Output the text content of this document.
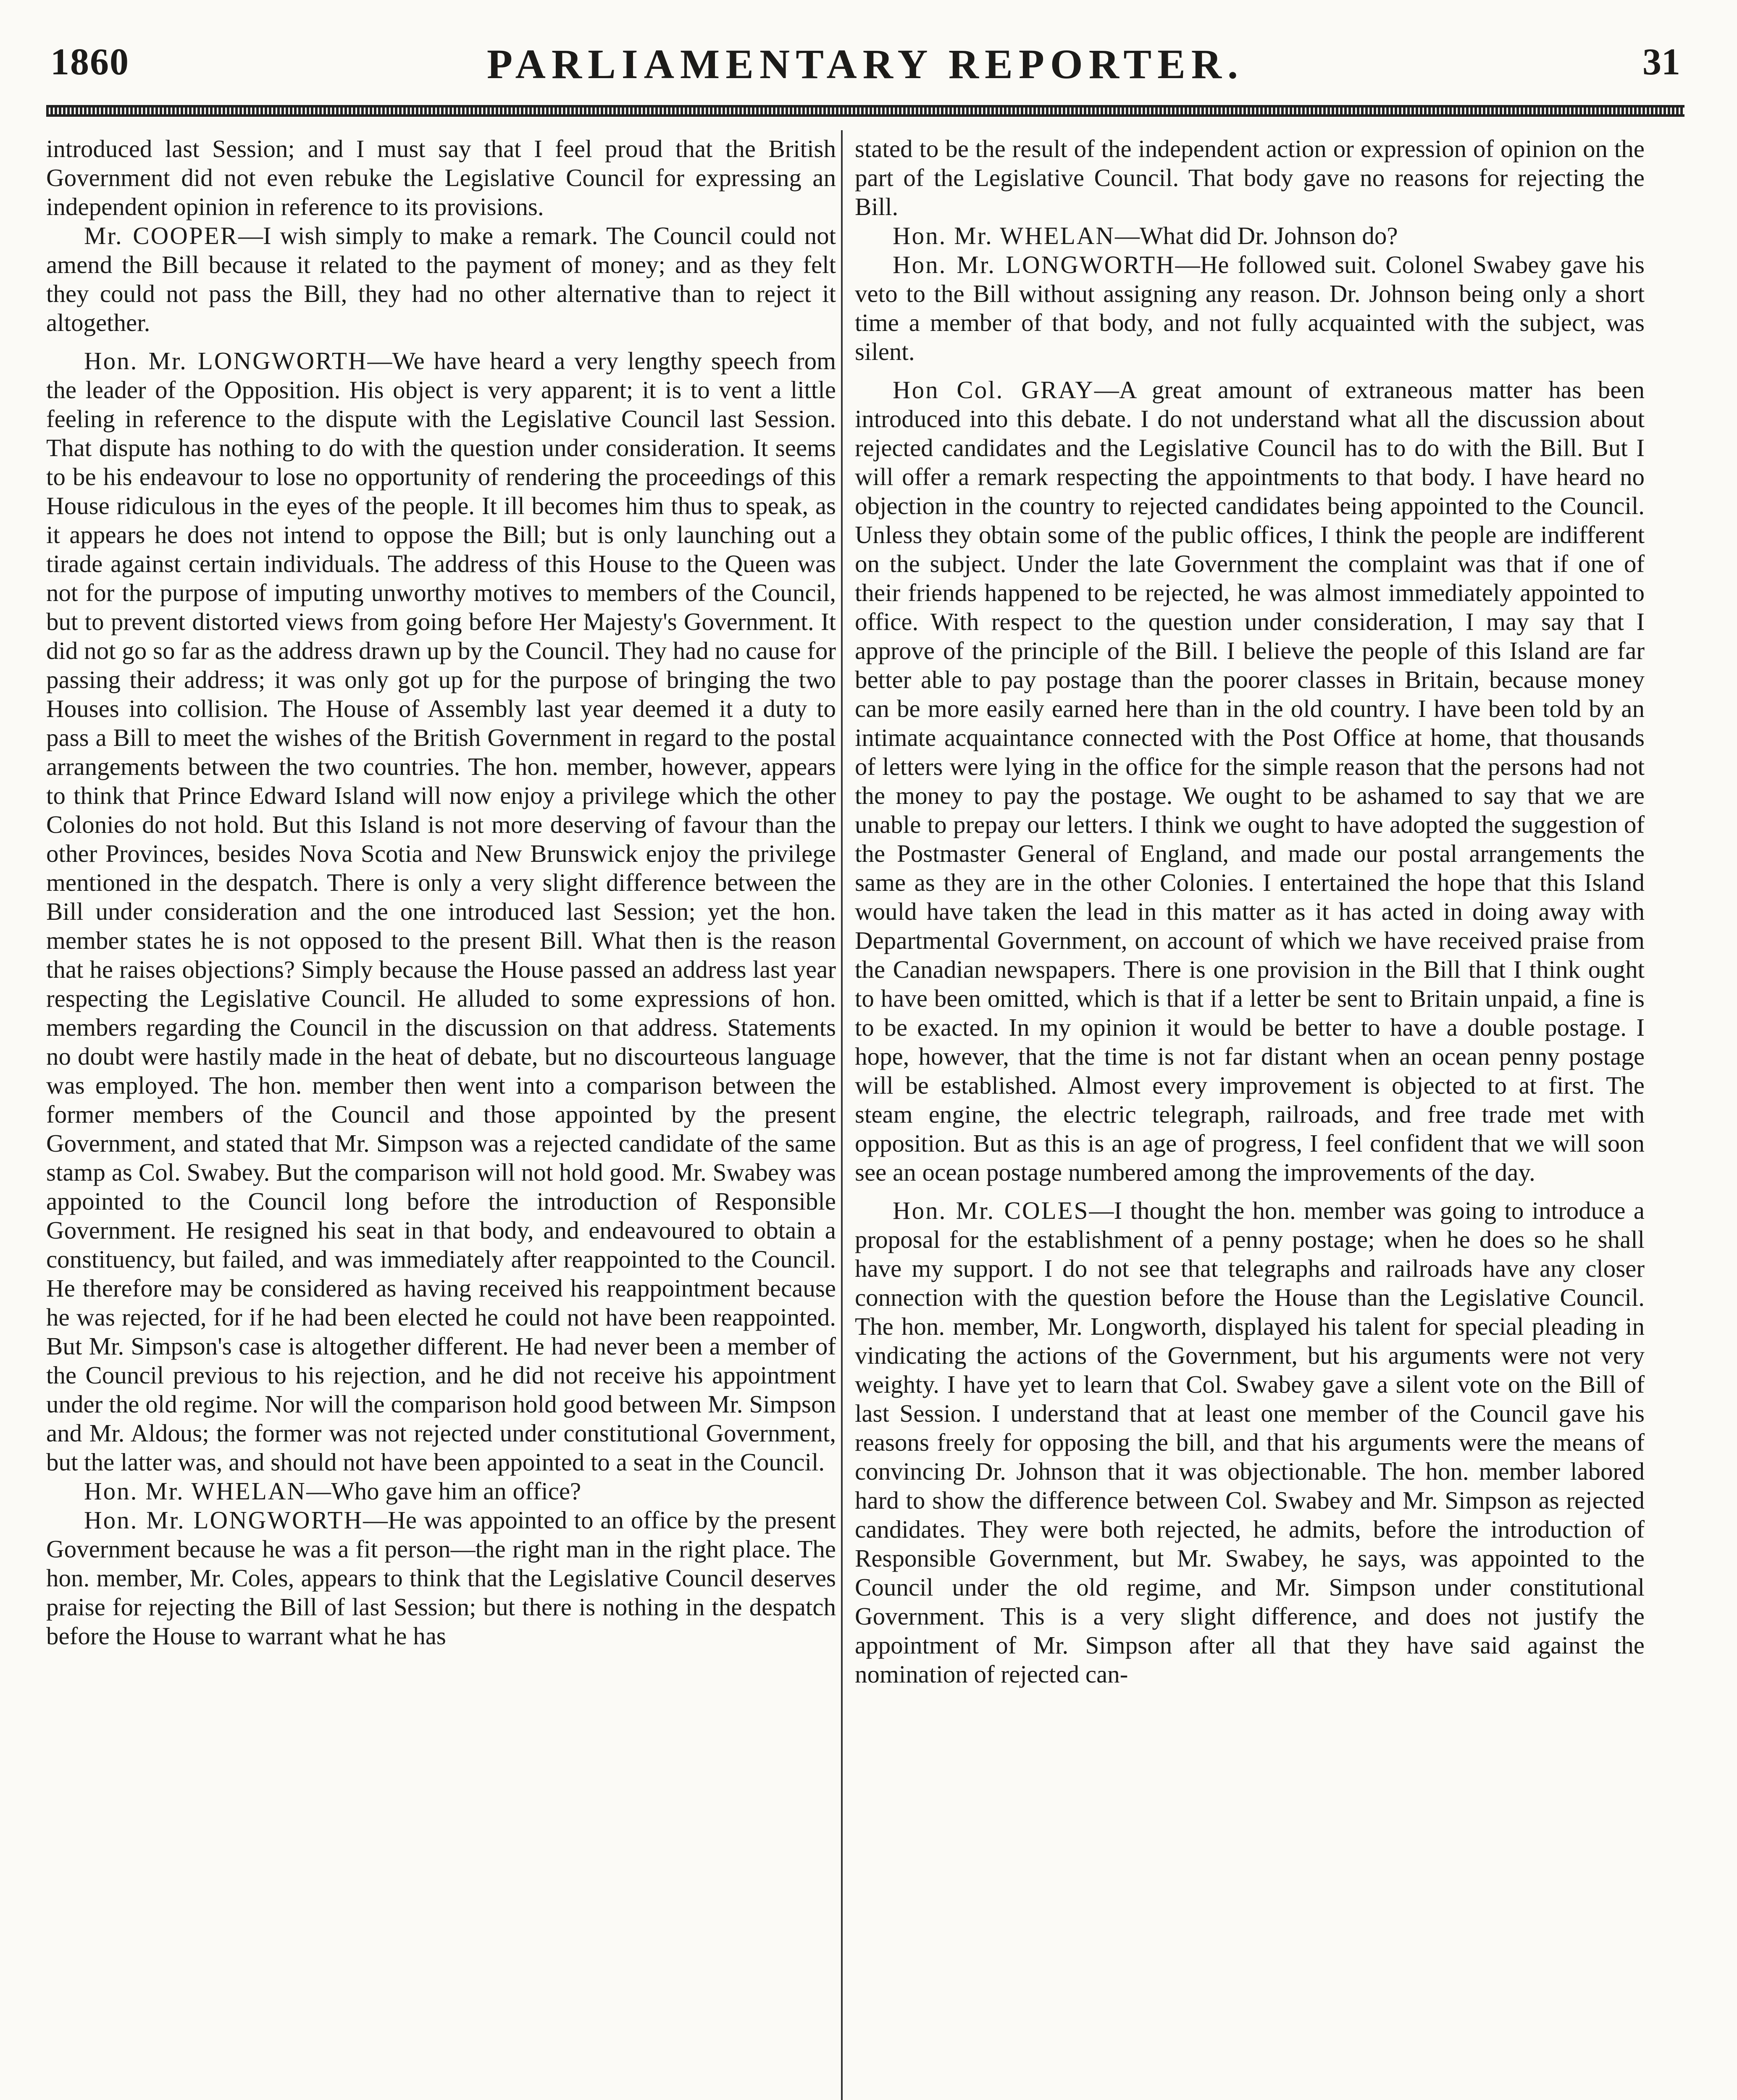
1860	PARLIAMENTARY REPORTER.	31

introduced last Session; and I must say that I feel proud that the British Government did not even rebuke the Legislative Council for expressing an independent opinion in reference to its provisions.

Mr. COOPER—I wish simply to make a remark. The Council could not amend the Bill because it related to the payment of money; and as they felt they could not pass the Bill, they had no other alternative than to reject it altogether.

Hon. Mr. LONGWORTH—We have heard a very lengthy speech from the leader of the Opposition. His object is very apparent; it is to vent a little feeling in reference to the dispute with the Legislative Council last Session. That dispute has nothing to do with the question under consideration. It seems to be his endeavour to lose no opportunity of rendering the proceedings of this House ridiculous in the eyes of the people. It ill becomes him thus to speak, as it appears he does not intend to oppose the Bill; but is only launching out a tirade against certain individuals. The address of this House to the Queen was not for the purpose of imputing unworthy motives to members of the Council, but to prevent distorted views from going before Her Majesty's Government. It did not go so far as the address drawn up by the Council. They had no cause for passing their address; it was only got up for the purpose of bringing the two Houses into collision. The House of Assembly last year deemed it a duty to pass a Bill to meet the wishes of the British Government in regard to the postal arrangements between the two countries. The hon. member, however, appears to think that Prince Edward Island will now enjoy a privilege which the other Colonies do not hold. But this Island is not more deserving of favour than the other Provinces, besides Nova Scotia and New Brunswick enjoy the privilege mentioned in the despatch. There is only a very slight difference between the Bill under consideration and the one introduced last Session; yet the hon. member states he is not opposed to the present Bill. What then is the reason that he raises objections? Simply because the House passed an address last year respecting the Legislative Council. He alluded to some expressions of hon. members regarding the Council in the discussion on that address. Statements no doubt were hastily made in the heat of debate, but no discourteous language was employed. The hon. member then went into a comparison between the former members of the Council and those appointed by the present Government, and stated that Mr. Simpson was a rejected candidate of the same stamp as Col. Swabey. But the comparison will not hold good. Mr. Swabey was appointed to the Council long before the introduction of Responsible Government. He resigned his seat in that body, and endeavoured to obtain a constituency, but failed, and was immediately after reappointed to the Council. He therefore may be considered as having received his reappointment because he was rejected, for if he had been elected he could not have been reappointed. But Mr. Simpson's case is altogether different. He had never been a member of the Council previous to his rejection, and he did not receive his appointment under the old regime. Nor will the comparison hold good between Mr. Simpson and Mr. Aldous; the former was not rejected under constitutional Government, but the latter was, and should not have been appointed to a seat in the Council.

Hon. Mr. WHELAN—Who gave him an office?

Hon. Mr. LONGWORTH—He was appointed to an office by the present Government because he was a fit person—the right man in the right place. The hon. member, Mr. Coles, appears to think that the Legislative Council deserves praise for rejecting the Bill of last Session; but there is nothing in the despatch before the House to warrant what he has

stated to be the result of the independent action or expression of opinion on the part of the Legislative Council. That body gave no reasons for rejecting the Bill.

Hon. Mr. WHELAN—What did Dr. Johnson do?

Hon. Mr. LONGWORTH—He followed suit. Colonel Swabey gave his veto to the Bill without assigning any reason. Dr. Johnson being only a short time a member of that body, and not fully acquainted with the subject, was silent.

Hon Col. GRAY—A great amount of extraneous matter has been introduced into this debate. I do not understand what all the discussion about rejected candidates and the Legislative Council has to do with the Bill. But I will offer a remark respecting the appointments to that body. I have heard no objection in the country to rejected candidates being appointed to the Council. Unless they obtain some of the public offices, I think the people are indifferent on the subject. Under the late Government the complaint was that if one of their friends happened to be rejected, he was almost immediately appointed to office. With respect to the question under consideration, I may say that I approve of the principle of the Bill. I believe the people of this Island are far better able to pay postage than the poorer classes in Britain, because money can be more easily earned here than in the old country. I have been told by an intimate acquaintance connected with the Post Office at home, that thousands of letters were lying in the office for the simple reason that the persons had not the money to pay the postage. We ought to be ashamed to say that we are unable to prepay our letters. I think we ought to have adopted the suggestion of the Postmaster General of England, and made our postal arrangements the same as they are in the other Colonies. I entertained the hope that this Island would have taken the lead in this matter as it has acted in doing away with Departmental Government, on account of which we have received praise from the Canadian newspapers. There is one provision in the Bill that I think ought to have been omitted, which is that if a letter be sent to Britain unpaid, a fine is to be exacted. In my opinion it would be better to have a double postage. I hope, however, that the time is not far distant when an ocean penny postage will be established. Almost every improvement is objected to at first. The steam engine, the electric telegraph, railroads, and free trade met with opposition. But as this is an age of progress, I feel confident that we will soon see an ocean postage numbered among the improvements of the day.

Hon. Mr. COLES—I thought the hon. member was going to introduce a proposal for the establishment of a penny postage; when he does so he shall have my support. I do not see that telegraphs and railroads have any closer connection with the question before the House than the Legislative Council. The hon. member, Mr. Longworth, displayed his talent for special pleading in vindicating the actions of the Government, but his arguments were not very weighty. I have yet to learn that Col. Swabey gave a silent vote on the Bill of last Session. I understand that at least one member of the Council gave his reasons freely for opposing the bill, and that his arguments were the means of convincing Dr. Johnson that it was objectionable. The hon. member labored hard to show the difference between Col. Swabey and Mr. Simpson as rejected candidates. They were both rejected, he admits, before the introduction of Responsible Government, but Mr. Swabey, he says, was appointed to the Council under the old regime, and Mr. Simpson under constitutional Government. This is a very slight difference, and does not justify the appointment of Mr. Simpson after all that they have said against the nomination of rejected can-
